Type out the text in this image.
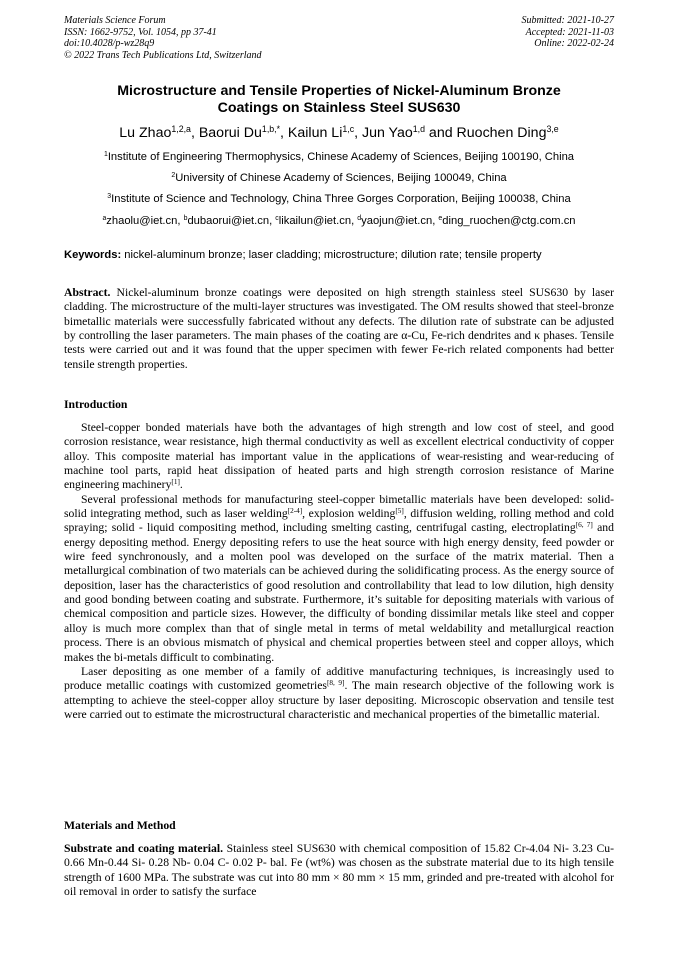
Materials Science Forum
ISSN: 1662-9752, Vol. 1054, pp 37-41
doi:10.4028/p-wz28q9
© 2022 Trans Tech Publications Ltd, Switzerland
Submitted: 2021-10-27
Accepted: 2021-11-03
Online: 2022-02-24
Microstructure and Tensile Properties of Nickel-Aluminum Bronze
Coatings on Stainless Steel SUS630
Lu Zhao$^{1,2,a}$, Baorui $Du^{1,b,*}$, Kailun Li$^{1,c}$, Jun Yao$^{1,d}$ and Ruochen Ding$^{3,e}$
$^1$Institute of Engineering Thermophysics, Chinese Academy of Sciences, Beijing 100190, China
$^2$University of Chinese Academy of Sciences, Beijing 100049, China
$^3$Institute of Science and Technology, China Three Gorges Corporation, Beijing 100038, China
$^a$zhaolu@iet.cn, $^b$dubaorui@iet.cn, $^c$likailun@iet.cn, $^d$yaojun@iet.cn, $^e$ding_ruochen@ctg.com.cn
Keywords: nickel-aluminum bronze; laser cladding; microstructure; dilution rate; tensile property

Abstract. Nickel-aluminum bronze coatings were deposited on high strength stainless steel SUS630 by laser cladding. The microstructure of the multi-layer structures was investigated. The OM results showed that steel-bronze bimetallic materials were successfully fabricated without any defects. The dilution rate of substrate can be adjusted by controlling the laser parameters. The main phases of the coating are α-Cu, Fe-rich dendrites and κ phases. Tensile tests were carried out and it was found that the upper specimen with fewer Fe-rich related components had better tensile strength properties.

Introduction

Steel-copper bonded materials have both the advantages of high strength and low cost of steel, and good corrosion resistance, wear resistance, high thermal conductivity as well as excellent electrical conductivity of copper alloy. This composite material has important value in the applications of wear-resisting and wear-reducing of machine tool parts, rapid heat dissipation of heated parts and high strength corrosion resistance of Marine engineering machinery[1].

Several professional methods for manufacturing steel-copper bimetallic materials have been developed: solid-solid integrating method, such as laser welding[2-4], explosion welding[5], diffusion welding, rolling method and cold spraying; solid - liquid compositing method, including smelting casting, centrifugal casting, electroplating[6, 7] and energy depositing method. Energy depositing refers to use the heat source with high energy density, feed powder or wire feed synchronously, and a molten pool was developed on the surface of the matrix material. Then a metallurgical combination of two materials can be achieved during the solidificating process. As the energy source of deposition, laser has the characteristics of good resolution and controllability that lead to low dilution, high density and good bonding between coating and substrate. Furthermore, it’s suitable for depositing materials with various of chemical composition and particle sizes. However, the difficulty of bonding dissimilar metals like steel and copper alloy is much more complex than that of single metal in terms of metal weldability and metallurgical reaction process. There is an obvious mismatch of physical and chemical properties between steel and copper alloys, which makes the bi-metals difficult to combinating.

Laser depositing as one member of a family of additive manufacturing techniques, is increasingly used to produce metallic coatings with customized geometries[8, 9]. The main research objective of the following work is attempting to achieve the steel-copper alloy structure by laser depositing. Microscopic observation and tensile test were carried out to estimate the microstructural characteristic and mechanical properties of the bimetallic material.

Materials and Method

Substrate and coating material. Stainless steel SUS630 with chemical composition of 15.82 Cr-4.04 Ni- 3.23 Cu- 0.66 Mn-0.44 Si- 0.28 Nb- 0.04 C- 0.02 P- bal. Fe (wt%) was chosen as the substrate material due to its high tensile strength of 1600 MPa. The substrate was cut into 80 mm × 80 mm × 15 mm, grinded and pre-treated with alcohol for oil removal in order to satisfy the surface
